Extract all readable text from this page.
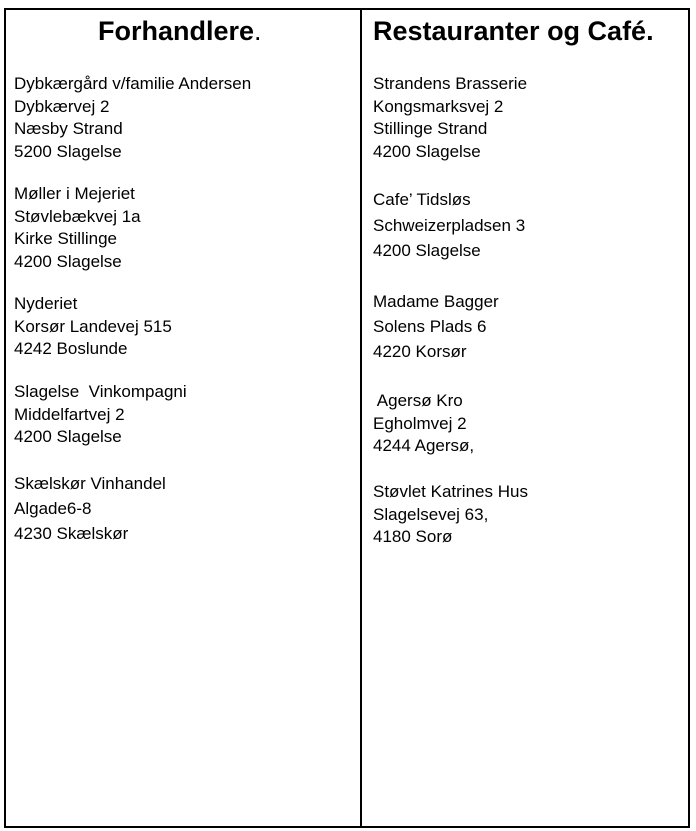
Forhandlere.	Restauranter og Café.
Dybkærgård v/familie Andersen
Dybkærvej 2
Næsby Strand
5200 Slagelse
Møller i Mejeriet
Støvlebækvej 1a
Kirke Stillinge
4200 Slagelse
Nyderiet
Korsør Landevej 515
4242 Boslunde
Slagelse  Vinkompagni
Middelfartvej 2
4200 Slagelse
Skælskør Vinhandel
Algade6-8
4230 Skælskør
Strandens Brasserie
Kongsmarksvej 2
Stillinge Strand
4200 Slagelse
Cafe’ Tidsløs
Schweizerpladsen 3
4200 Slagelse
Madame Bagger
Solens Plads 6
4220 Korsør
Agersø Kro
Egholmvej 2
4244 Agersø,
Støvlet Katrines Hus
Slagelsevej 63,
4180 Sorø
